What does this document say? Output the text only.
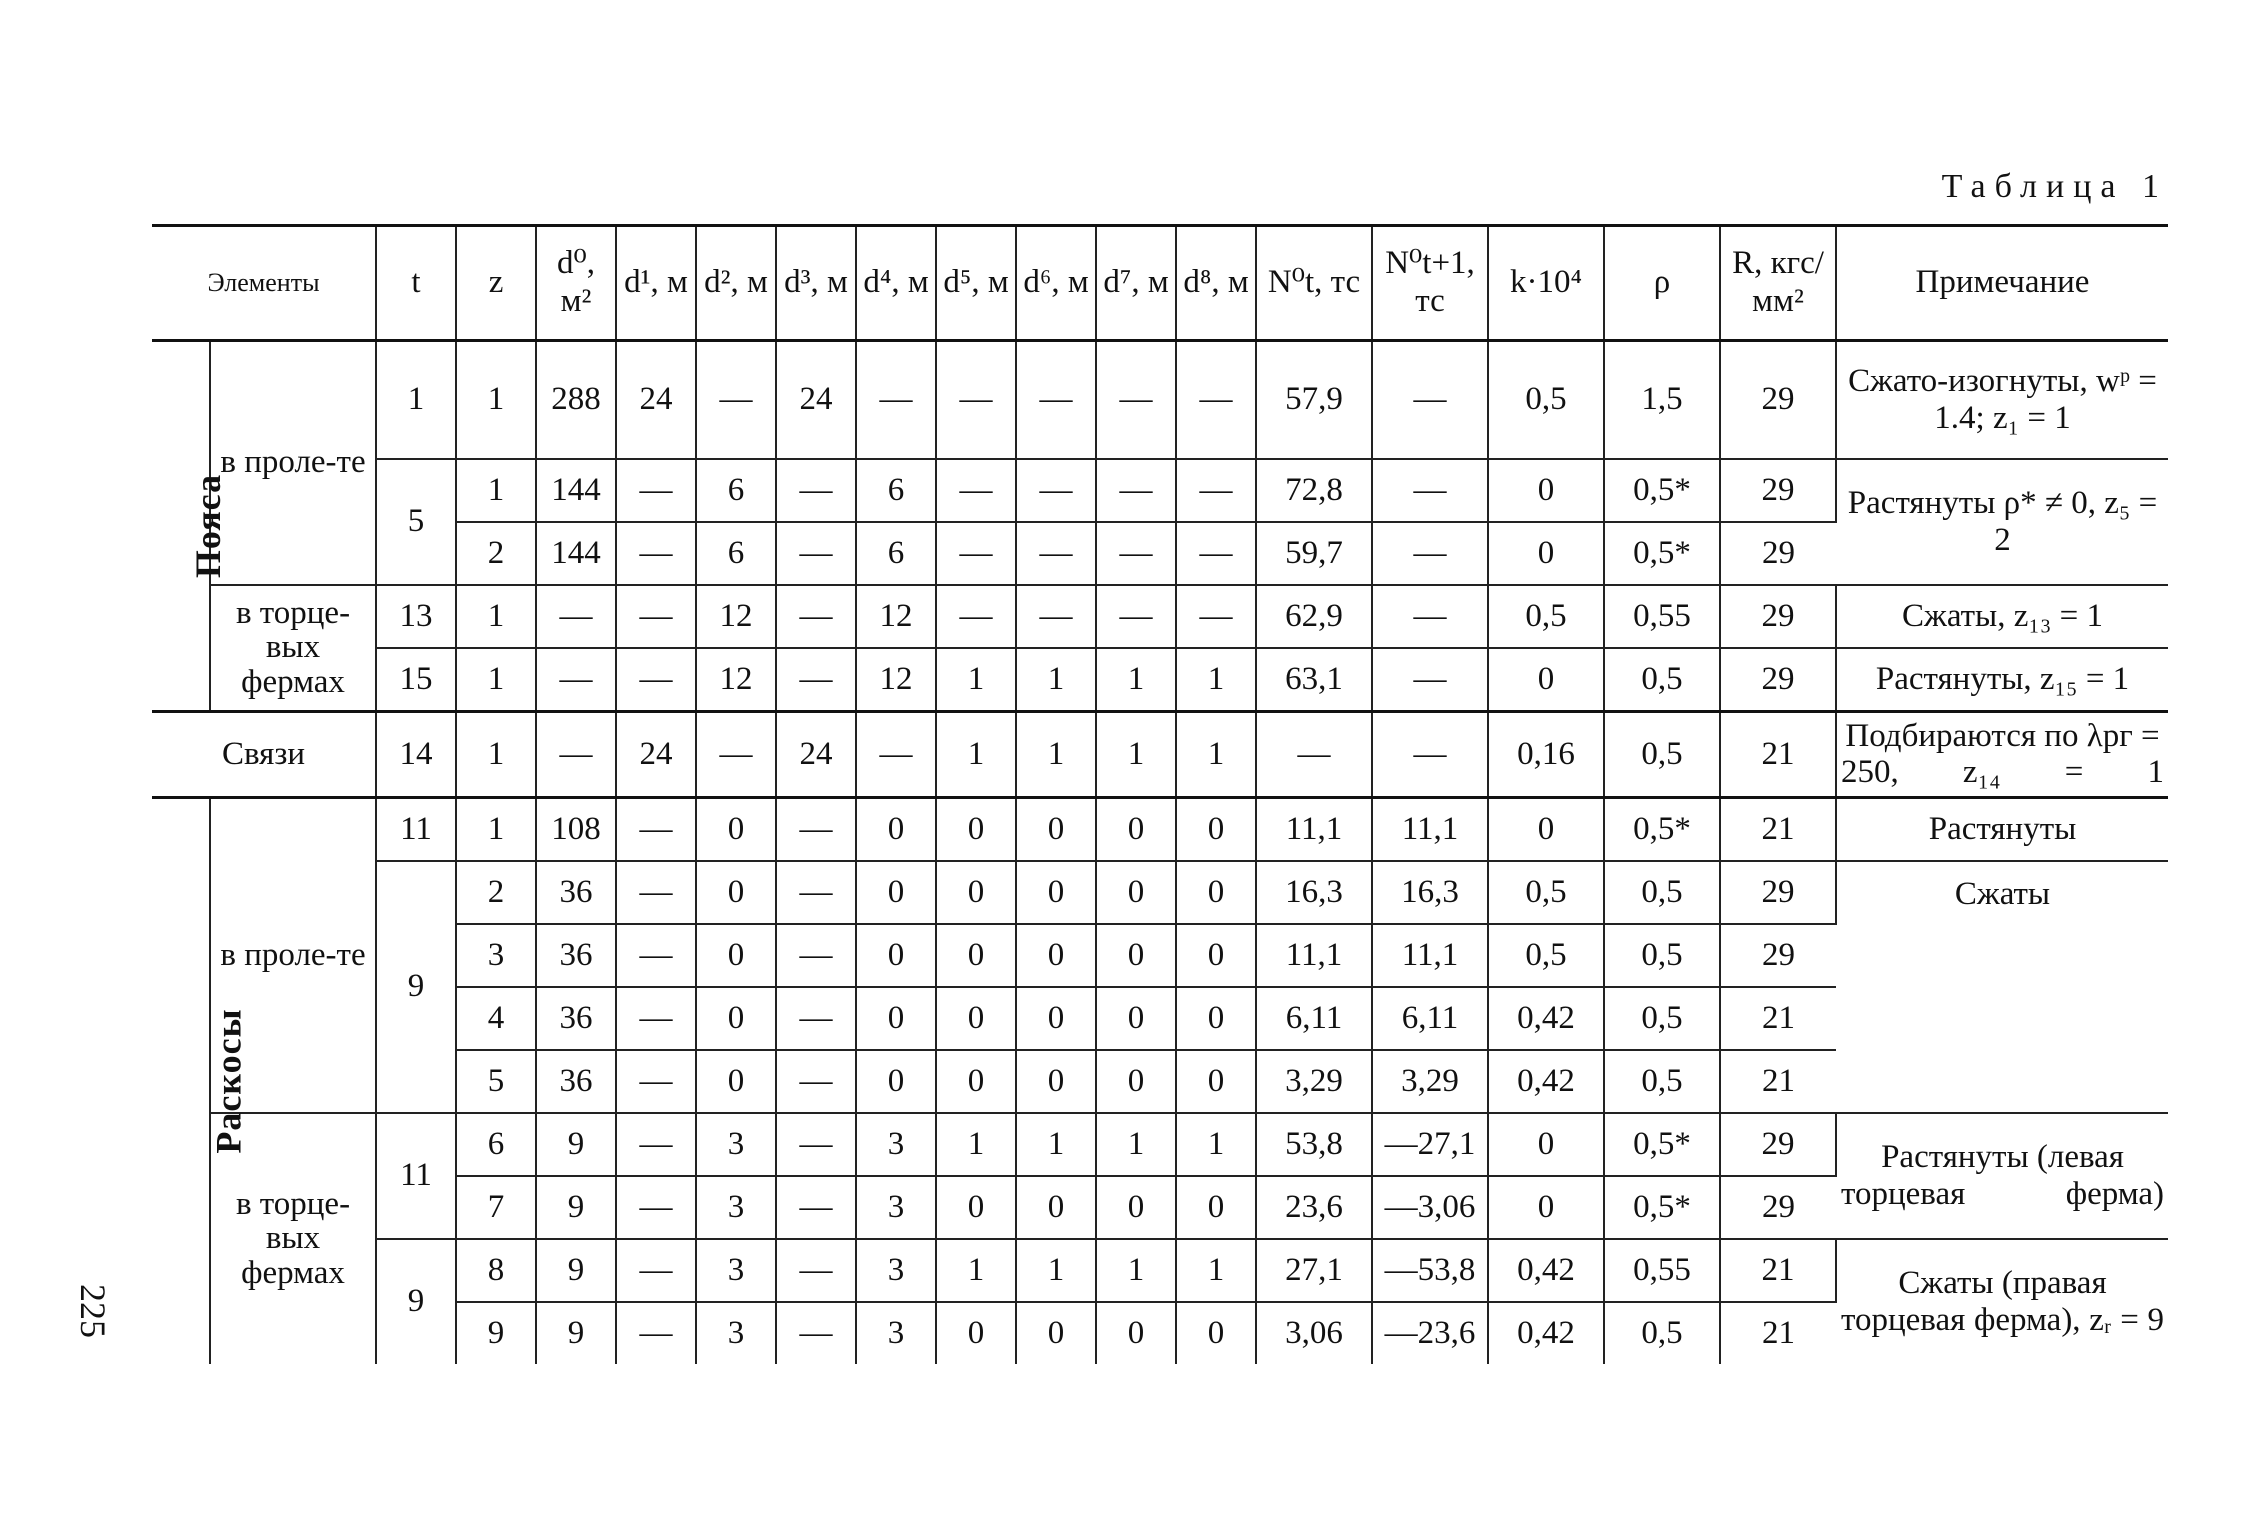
Таблица 1
Элементы		t	z	d⁰, м²	d¹, м	d², м	d³, м	d⁴, м	d⁵, м	d⁶, м	d⁷, м	d⁸, м	N⁰t, тс	N⁰t+1, тс	k·10⁴	ρ	R, кгс/мм²	Примечание
Пояса	в проле-те	1	1	288	24	—	24	—	—	—	—	—	57,9	—	0,5	1,5	29	Сжато-изогнуты, wᵖ = 1.4; z₁ = 1
		5	1	144	—	6	—	6	—	—	—	—	72,8	—	0	0,5*	29	Растянуты ρ* ≠ 0, z₅ = 2
			2	144	—	6	—	6	—	—	—	—	59,7	—	0	0,5*	29	
	в торце-вых фермах	13	1	—	—	12	—	12	—	—	—	—	62,9	—	0,5	0,55	29	Сжаты, z₁₃ = 1
		15	1	—	—	12	—	12	1	1	1	1	63,1	—	0	0,5	29	Растянуты, z₁₅ = 1
Связи		14	1	—	24	—	24	—	1	1	1	1	—	—	0,16	0,5	21	Подбираются по λрг = 250, z₁₄ = 1
Раскосы	в проле-те	11	1	108	—	0	—	0	0	0	0	0	11,1	11,1	0	0,5*	21	Растянуты
		9	2	36	—	0	—	0	0	0	0	0	16,3	16,3	0,5	0,5	29	Сжаты
			3	36	—	0	—	0	0	0	0	0	11,1	11,1	0,5	0,5	29	
			4	36	—	0	—	0	0	0	0	0	6,11	6,11	0,42	0,5	21	
			5	36	—	0	—	0	0	0	0	0	3,29	3,29	0,42	0,5	21	
	в торце-вых фермах	11	6	9	—	3	—	3	1	1	1	1	53,8	—27,1	0	0,5*	29	Растянуты (левая торцевая ферма)
			7	9	—	3	—	3	0	0	0	0	23,6	—3,06	0	0,5*	29	
		9	8	9	—	3	—	3	1	1	1	1	27,1	—53,8	0,42	0,55	21	Сжаты (правая торцевая ферма), zᵣ = 9
			9	9	—	3	—	3	0	0	0	0	3,06	—23,6	0,42	0,5	21	
225
